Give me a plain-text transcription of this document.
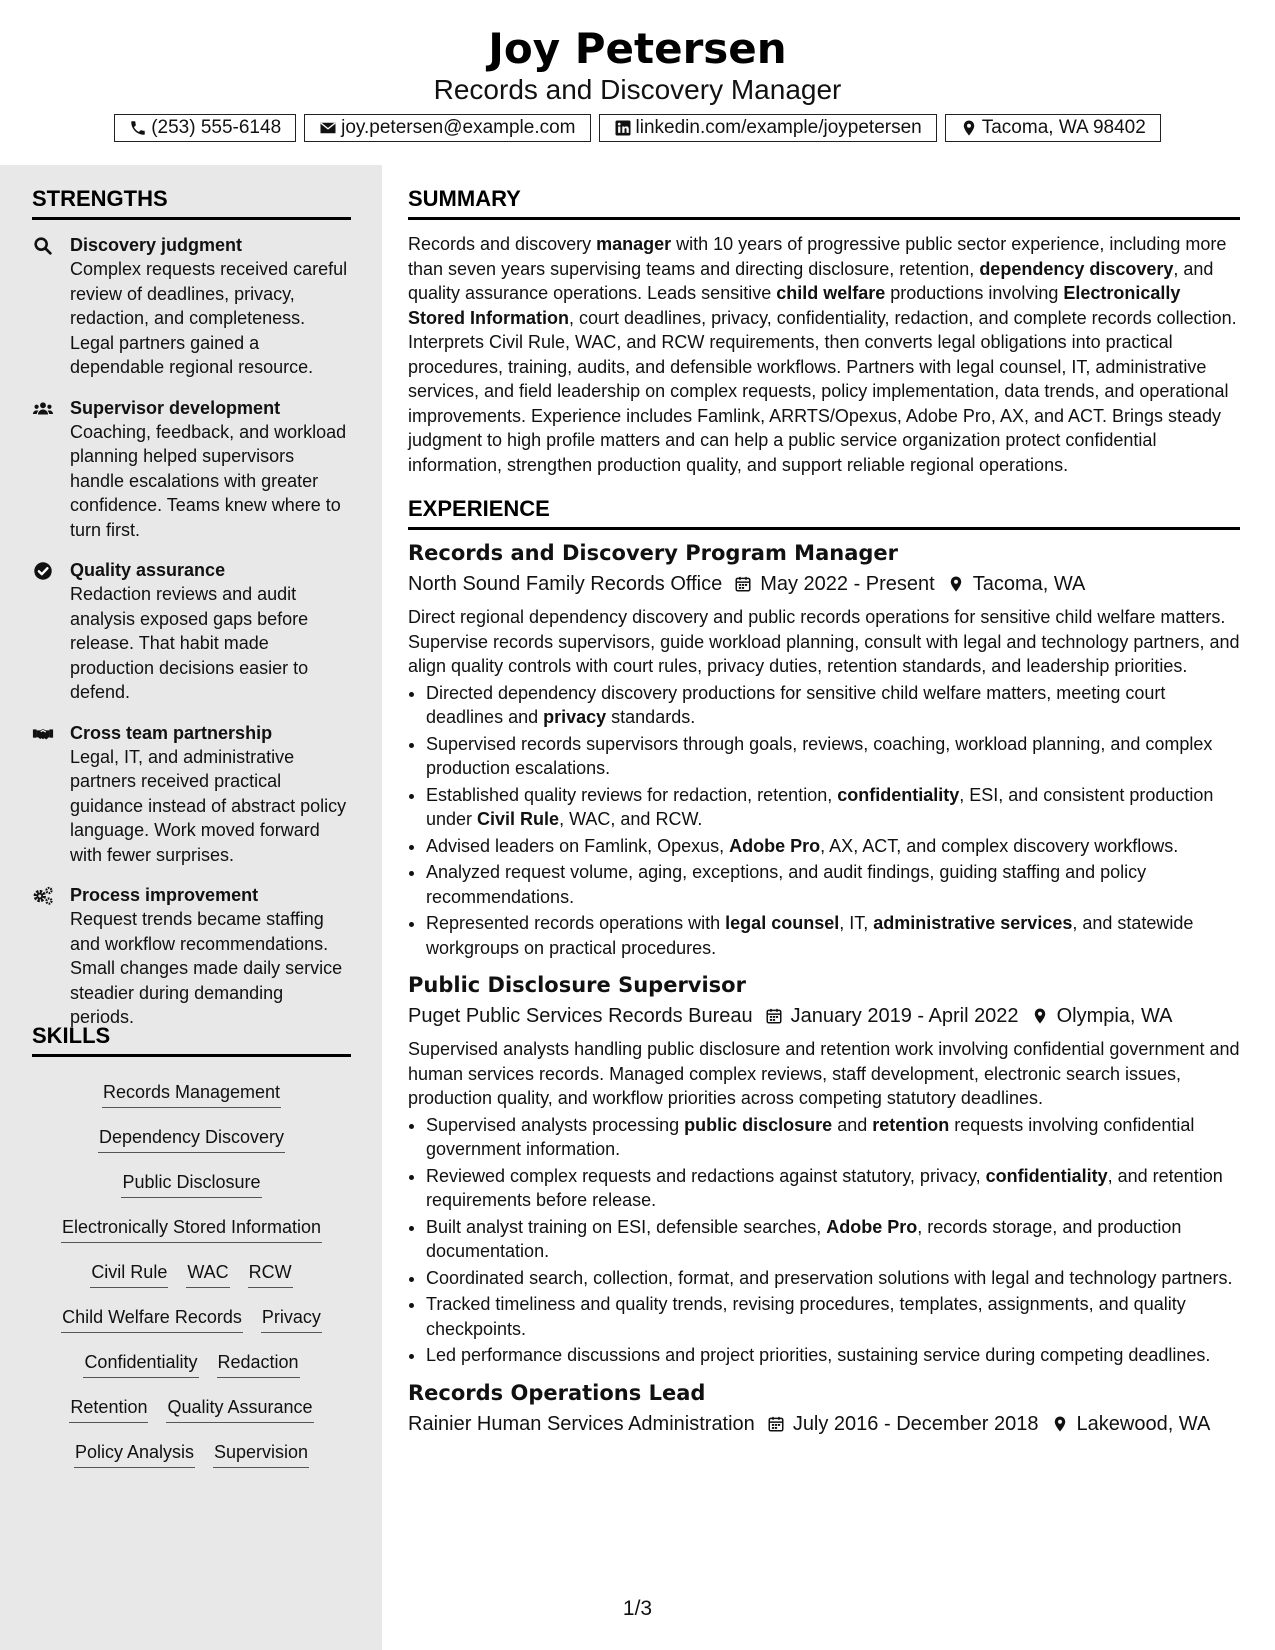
Joy Petersen
Records and Discovery Manager
(253) 555-6148	joy.petersen@example.com	linkedin.com/example/joypetersen	Tacoma, WA 98402
STRENGTHS
Discovery judgment
Complex requests received careful review of deadlines, privacy, redaction, and completeness. Legal partners gained a dependable regional resource.
Supervisor development
Coaching, feedback, and workload planning helped supervisors handle escalations with greater confidence. Teams knew where to turn first.
Quality assurance
Redaction reviews and audit analysis exposed gaps before release. That habit made production decisions easier to defend.
Cross team partnership
Legal, IT, and administrative partners received practical guidance instead of abstract policy language. Work moved forward with fewer surprises.
Process improvement
Request trends became staffing and workflow recommendations. Small changes made daily service steadier during demanding periods.
SKILLS
Records Management
Dependency Discovery
Public Disclosure
Electronically Stored Information
Civil Rule WAC RCW
Child Welfare Records Privacy
Confidentiality Redaction
Retention Quality Assurance
Policy Analysis Supervision
SUMMARY

Records and discovery manager with 10 years of progressive public sector experience, including more than seven years supervising teams and directing disclosure, retention, dependency discovery, and quality assurance operations. Leads sensitive child welfare productions involving Electronically Stored Information, court deadlines, privacy, confidentiality, redaction, and complete records collection. Interprets Civil Rule, WAC, and RCW requirements, then converts legal obligations into practical procedures, training, audits, and defensible workflows. Partners with legal counsel, IT, administrative services, and field leadership on complex requests, policy implementation, data trends, and operational improvements. Experience includes Famlink, ARRTS/Opexus, Adobe Pro, AX, and ACT. Brings steady judgment to high profile matters and can help a public service organization protect confidential information, strengthen production quality, and support reliable regional operations.

EXPERIENCE
Records and Discovery Program Manager
North Sound Family Records Office May 2022 - Present Tacoma, WA
Direct regional dependency discovery and public records operations for sensitive child welfare matters. Supervise records supervisors, guide workload planning, consult with legal and technology partners, and align quality controls with court rules, privacy duties, retention standards, and leadership priorities.
• Directed dependency discovery productions for sensitive child welfare matters, meeting court deadlines and privacy standards.
• Supervised records supervisors through goals, reviews, coaching, workload planning, and complex production escalations.
• Established quality reviews for redaction, retention, confidentiality, ESI, and consistent production under Civil Rule, WAC, and RCW.
• Advised leaders on Famlink, Opexus, Adobe Pro, AX, ACT, and complex discovery workflows.
• Analyzed request volume, aging, exceptions, and audit findings, guiding staffing and policy recommendations.
• Represented records operations with legal counsel, IT, administrative services, and statewide workgroups on practical procedures.
Public Disclosure Supervisor
Puget Public Services Records Bureau January 2019 - April 2022 Olympia, WA
Supervised analysts handling public disclosure and retention work involving confidential government and human services records. Managed complex reviews, staff development, electronic search issues, production quality, and workflow priorities across competing statutory deadlines.
• Supervised analysts processing public disclosure and retention requests involving confidential government information.
• Reviewed complex requests and redactions against statutory, privacy, confidentiality, and retention requirements before release.
• Built analyst training on ESI, defensible searches, Adobe Pro, records storage, and production documentation.
• Coordinated search, collection, format, and preservation solutions with legal and technology partners.
• Tracked timeliness and quality trends, revising procedures, templates, assignments, and quality checkpoints.
• Led performance discussions and project priorities, sustaining service during competing deadlines.
Records Operations Lead
Rainier Human Services Administration July 2016 - December 2018 Lakewood, WA
1/3
